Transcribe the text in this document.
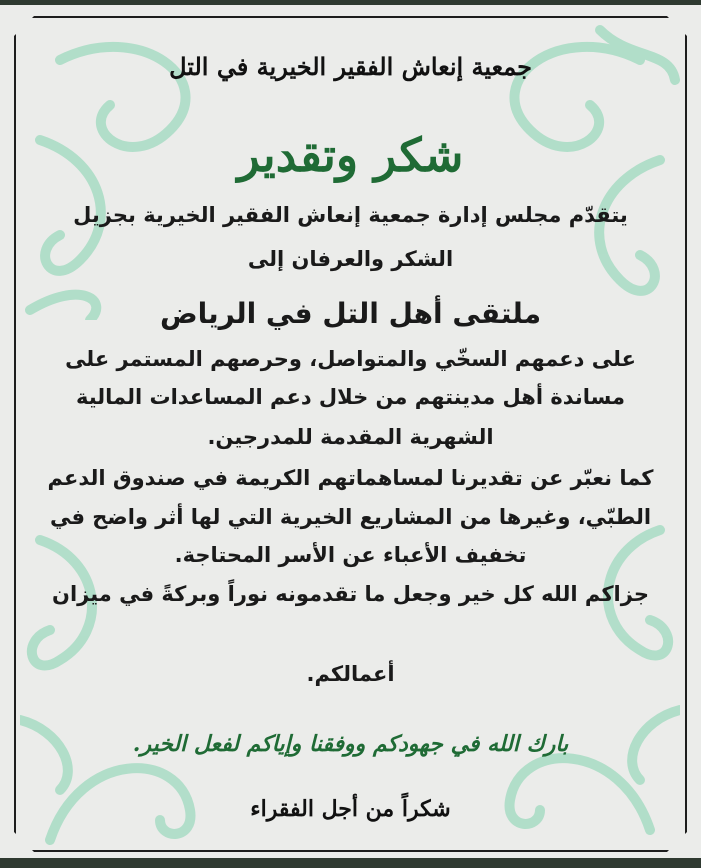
جمعية إنعاش الفقير الخيرية في التل
شكر وتقدير
يتقدّم مجلس إدارة جمعية إنعاش الفقير الخيرية بجزيل
الشكر والعرفان إلى
ملتقى أهل التل في الرياض
على دعمهم السخّي والمتواصل، وحرصهم المستمر على
مساندة أهل مدينتهم من خلال دعم المساعدات المالية
الشهرية المقدمة للمدرجين.
كما نعبّر عن تقديرنا لمساهماتهم الكريمة في صندوق الدعم
الطبّي، وغيرها من المشاريع الخيرية التي لها أثر واضح في
تخفيف الأعباء عن الأسر المحتاجة.
جزاكم الله كل خير وجعل ما تقدمونه نوراً وبركةً في ميزان
أعمالكم.
بارك الله في جهودكم ووفقنا وإياكم لفعل الخير.
شكراً من أجل الفقراء
